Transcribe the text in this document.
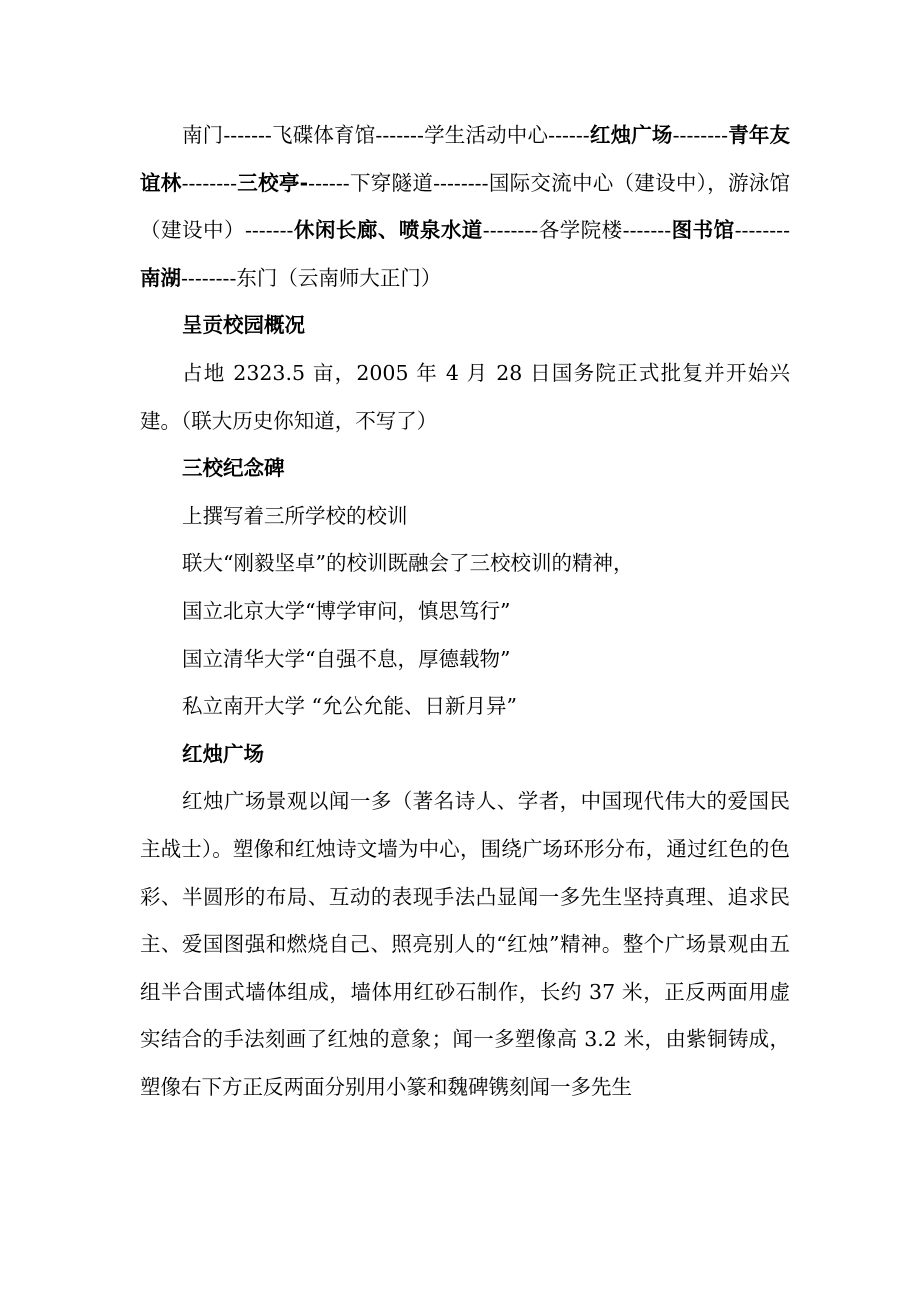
南门-------飞碟体育馆-------学生活动中心------红烛广场--------青年友谊林--------三校亭-------下穿隧道--------国际交流中心（建设中），游泳馆（建设中）-------休闲长廊、喷泉水道--------各学院楼-------图书馆--------南湖--------东门（云南师大正门）

呈贡校园概况

占地 2323.5 亩，2005 年 4 月 28 日国务院正式批复并开始兴建。（联大历史你知道，不写了）

三校纪念碑

上撰写着三所学校的校训

联大“刚毅坚卓”的校训既融会了三校校训的精神，

国立北京大学“博学审问，慎思笃行”

国立清华大学“自强不息，厚德载物”

私立南开大学 “允公允能、日新月异”

红烛广场

红烛广场景观以闻一多（著名诗人、学者，中国现代伟大的爱国民主战士）。塑像和红烛诗文墙为中心，围绕广场环形分布，通过红色的色彩、半圆形的布局、互动的表现手法凸显闻一多先生坚持真理、追求民主、爱国图强和燃烧自己、照亮别人的“红烛”精神。整个广场景观由五组半合围式墙体组成，墙体用红砂石制作，长约 37 米，正反两面用虚实结合的手法刻画了红烛的意象；闻一多塑像高 3.2 米，由紫铜铸成，塑像右下方正反两面分别用小篆和魏碑镌刻闻一多先生
